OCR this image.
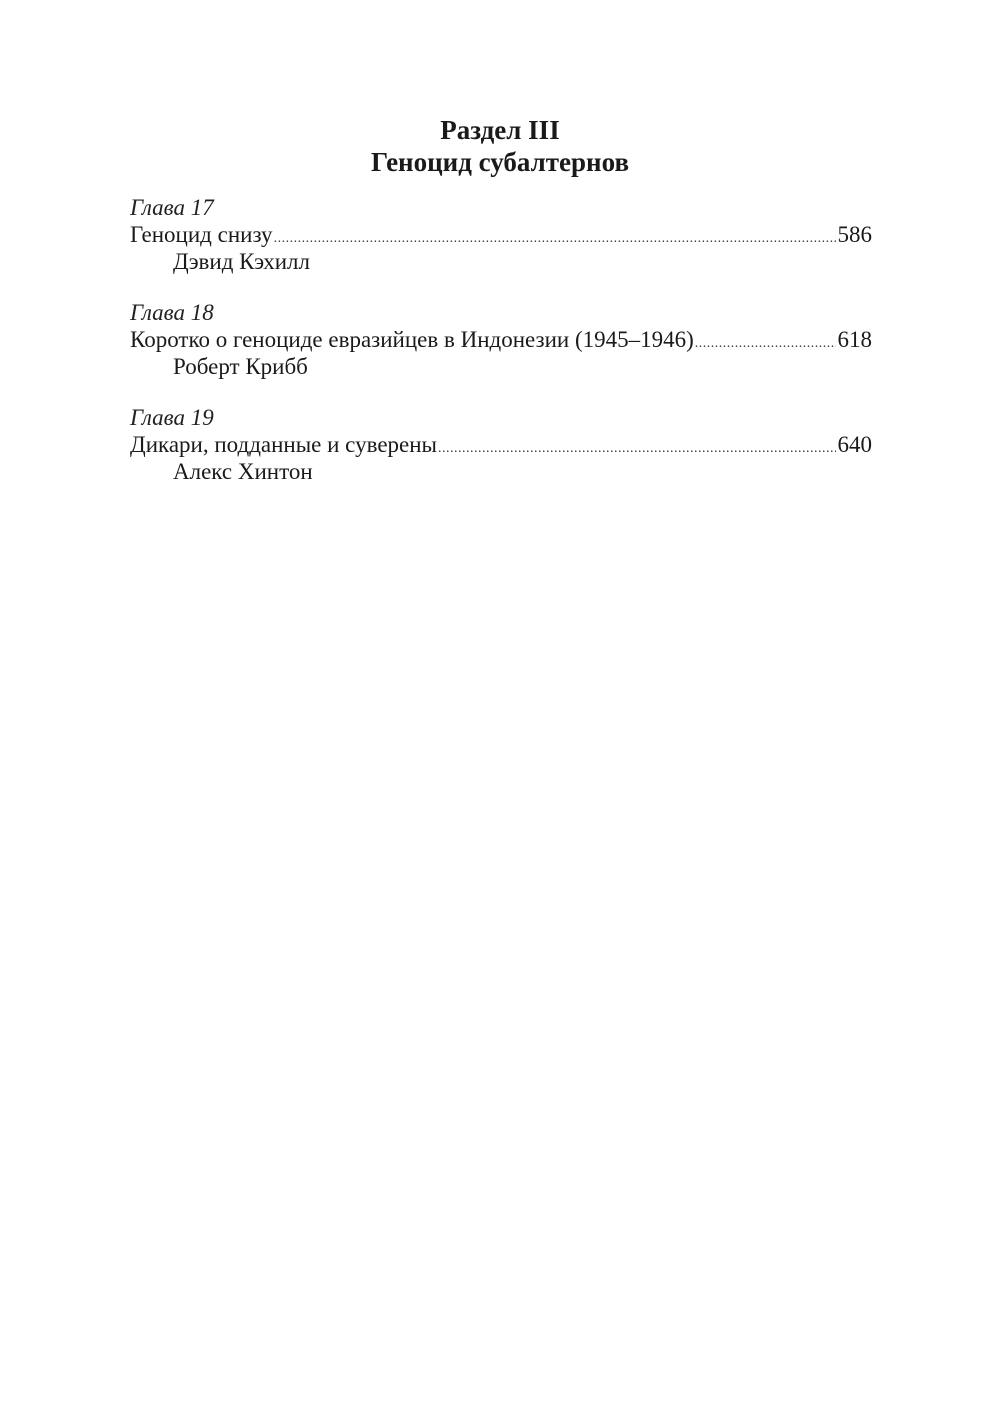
Раздел III
Геноцид субалтернов
Глава 17
Геноцид снизу .....	586
Дэвид Кэхилл
Глава 18
Коротко о геноциде евразийцев в Индонезии (1945–1946) .....	618
Роберт Крибб
Глава 19
Дикари, подданные и суверены .....	640
Алекс Хинтон
